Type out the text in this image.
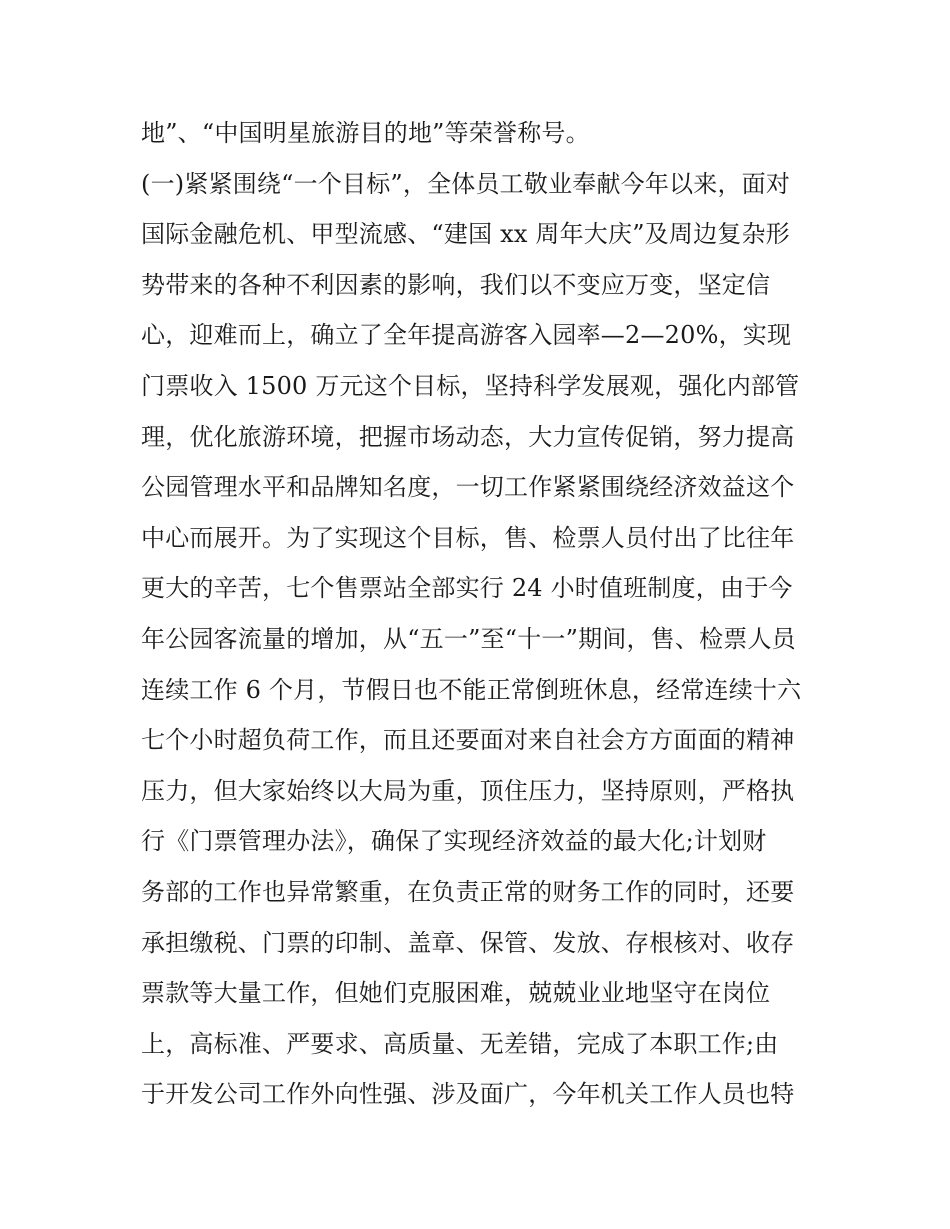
地”、“中国明星旅游目的地”等荣誉称号。
(一)紧紧围绕“一个目标”，全体员工敬业奉献今年以来，面对
国际金融危机、甲型流感、“建国 xx 周年大庆”及周边复杂形
势带来的各种不利因素的影响，我们以不变应万变，坚定信
心，迎难而上，确立了全年提高游客入园率—2—20%，实现
门票收入 1500 万元这个目标，坚持科学发展观，强化内部管
理，优化旅游环境，把握市场动态，大力宣传促销，努力提高
公园管理水平和品牌知名度，一切工作紧紧围绕经济效益这个
中心而展开。为了实现这个目标，售、检票人员付出了比往年
更大的辛苦，七个售票站全部实行 24 小时值班制度，由于今
年公园客流量的增加，从“五一”至“十一”期间，售、检票人员
连续工作 6 个月，节假日也不能正常倒班休息，经常连续十六
七个小时超负荷工作，而且还要面对来自社会方方面面的精神
压力，但大家始终以大局为重，顶住压力，坚持原则，严格执
行《门票管理办法》，确保了实现经济效益的最大化;计划财
务部的工作也异常繁重，在负责正常的财务工作的同时，还要
承担缴税、门票的印制、盖章、保管、发放、存根核对、收存
票款等大量工作，但她们克服困难，兢兢业业地坚守在岗位
上，高标准、严要求、高质量、无差错，完成了本职工作;由
于开发公司工作外向性强、涉及面广，今年机关工作人员也特
